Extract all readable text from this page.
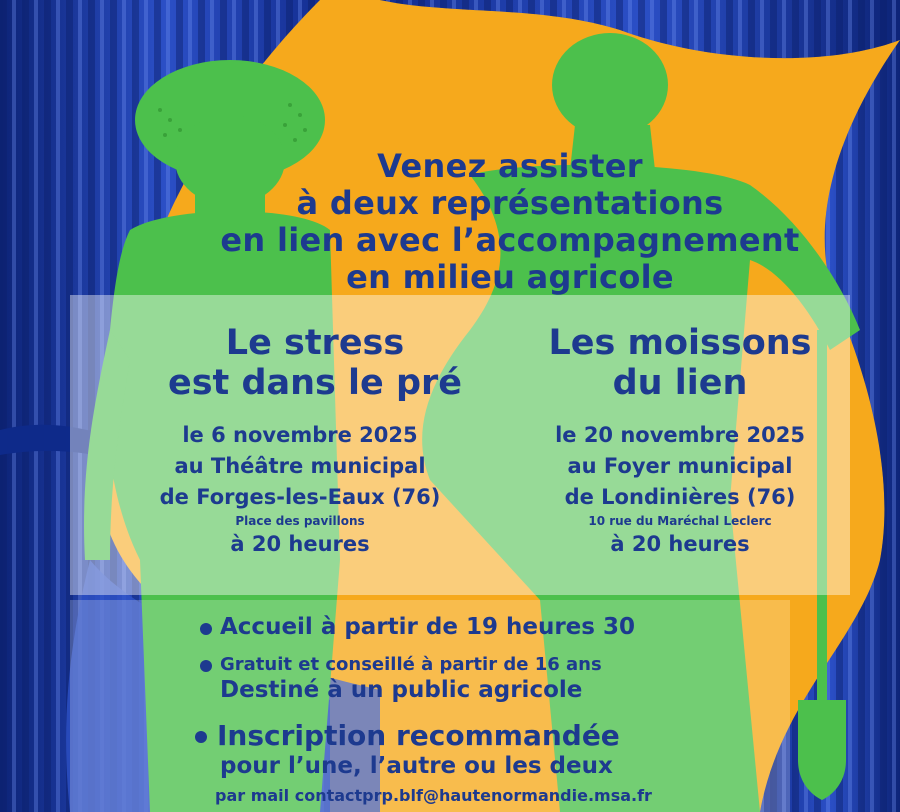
Venez assister
à deux représentations
en lien avec l’accompagnement
en milieu agricole
Le stress
est dans le pré
Les moissons
du lien
le 6 novembre 2025
au Théâtre municipal
de Forges-les-Eaux (76)
Place des pavillons
à 20 heures
le 20 novembre 2025
au Foyer municipal
de Londinières (76)
10 rue du Maréchal Leclerc
à 20 heures
Accueil à partir de 19 heures 30
Gratuit et conseillé à partir de 16 ans
Destiné à un public agricole
Inscription recommandée
pour l’une, l’autre ou les deux
par mail contactprp.blf@hautenormandie.msa.fr
